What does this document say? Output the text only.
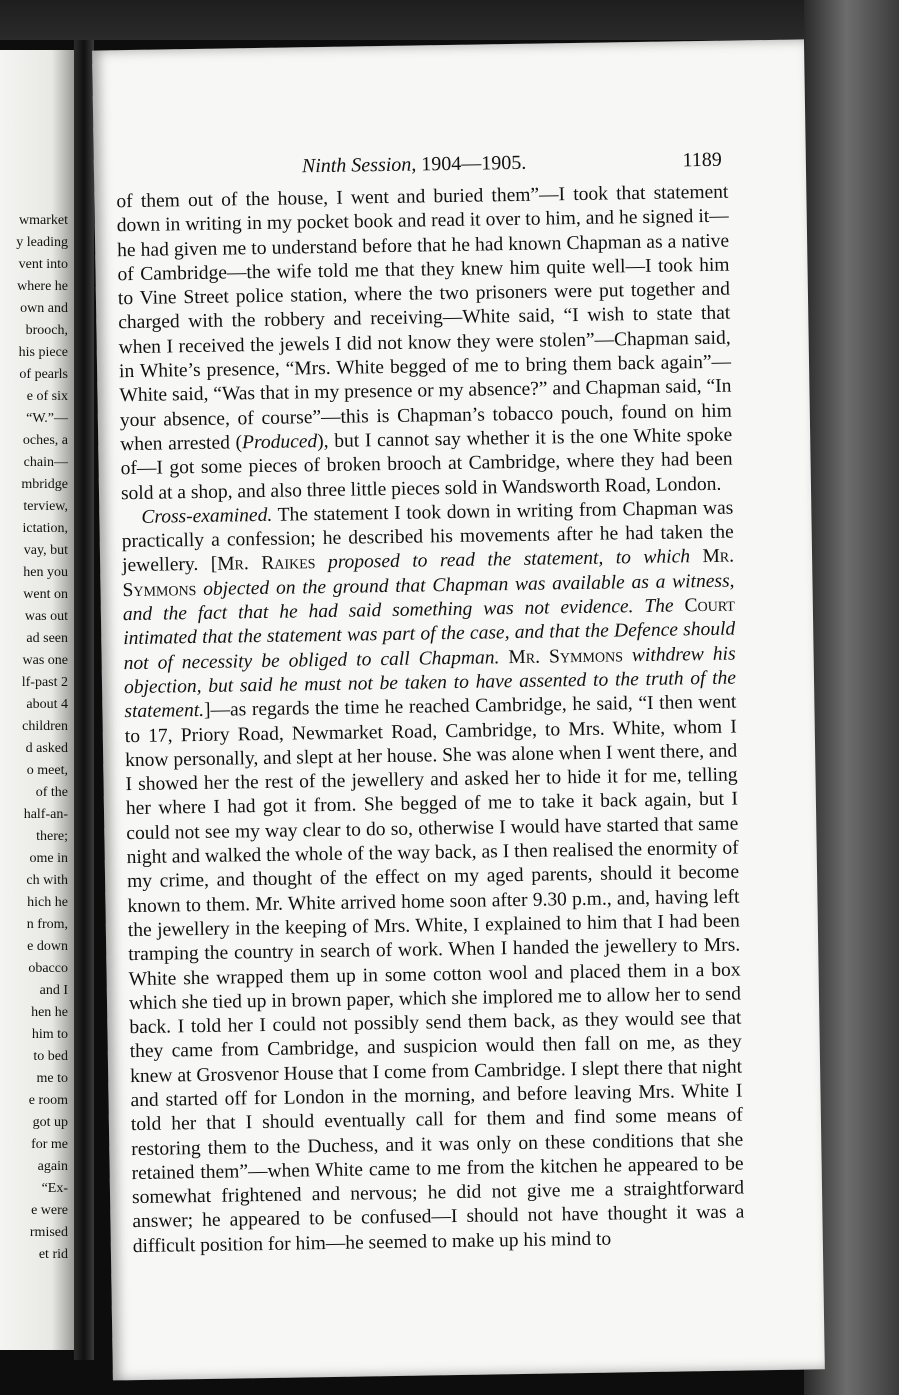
wmarket
y leading
vent into
where he
own and
brooch,
his piece
of pearls
e of six
“W.”—
oches, a
chain—
mbridge
terview,
ictation,
vay, but
hen you
went on
was out
ad seen
was one
lf-past 2
about 4
children
d asked
o meet,
of the
half-an-
there;
ome in
ch with
hich he
n from,
e down
obacco
and I
hen he
him to
to bed
me to
e room
got up
for me
again
“Ex-
e were
rmised
et rid
Ninth Session, 1904—1905.	1189

of them out of the house, I went and buried them”—I took that statement down in writing in my pocket book and read it over to him, and he signed it—he had given me to understand before that he had known Chapman as a native of Cambridge—the wife told me that they knew him quite well—I took him to Vine Street police station, where the two prisoners were put together and charged with the robbery and receiving—White said, “I wish to state that when I received the jewels I did not know they were stolen”—Chapman said, in White’s presence, “Mrs. White begged of me to bring them back again”—White said, “Was that in my presence or my absence?” and Chapman said, “In your absence, of course”—this is Chapman’s tobacco pouch, found on him when arrested (Produced), but I cannot say whether it is the one White spoke of—I got some pieces of broken brooch at Cambridge, where they had been sold at a shop, and also three little pieces sold in Wandsworth Road, London.

Cross-examined. The statement I took down in writing from Chapman was practically a confession; he described his movements after he had taken the jewellery. [Mr. Raikes proposed to read the statement, to which Mr. Symmons objected on the ground that Chapman was available as a witness, and the fact that he had said something was not evidence. The Court intimated that the statement was part of the case, and that the Defence should not of necessity be obliged to call Chapman. Mr. Symmons withdrew his objection, but said he must not be taken to have assented to the truth of the statement.]—as regards the time he reached Cambridge, he said, “I then went to 17, Priory Road, Newmarket Road, Cambridge, to Mrs. White, whom I know personally, and slept at her house. She was alone when I went there, and I showed her the rest of the jewellery and asked her to hide it for me, telling her where I had got it from. She begged of me to take it back again, but I could not see my way clear to do so, otherwise I would have started that same night and walked the whole of the way back, as I then realised the enormity of my crime, and thought of the effect on my aged parents, should it become known to them. Mr. White arrived home soon after 9.30 p.m., and, having left the jewellery in the keeping of Mrs. White, I explained to him that I had been tramping the country in search of work. When I handed the jewellery to Mrs. White she wrapped them up in some cotton wool and placed them in a box which she tied up in brown paper, which she implored me to allow her to send back. I told her I could not possibly send them back, as they would see that they came from Cambridge, and suspicion would then fall on me, as they knew at Grosvenor House that I come from Cambridge. I slept there that night and started off for London in the morning, and before leaving Mrs. White I told her that I should eventually call for them and find some means of restoring them to the Duchess, and it was only on these conditions that she retained them”—when White came to me from the kitchen he appeared to be somewhat frightened and nervous; he did not give me a straightforward answer; he appeared to be confused—I should not have thought it was a difficult position for him—he seemed to make up his mind to
